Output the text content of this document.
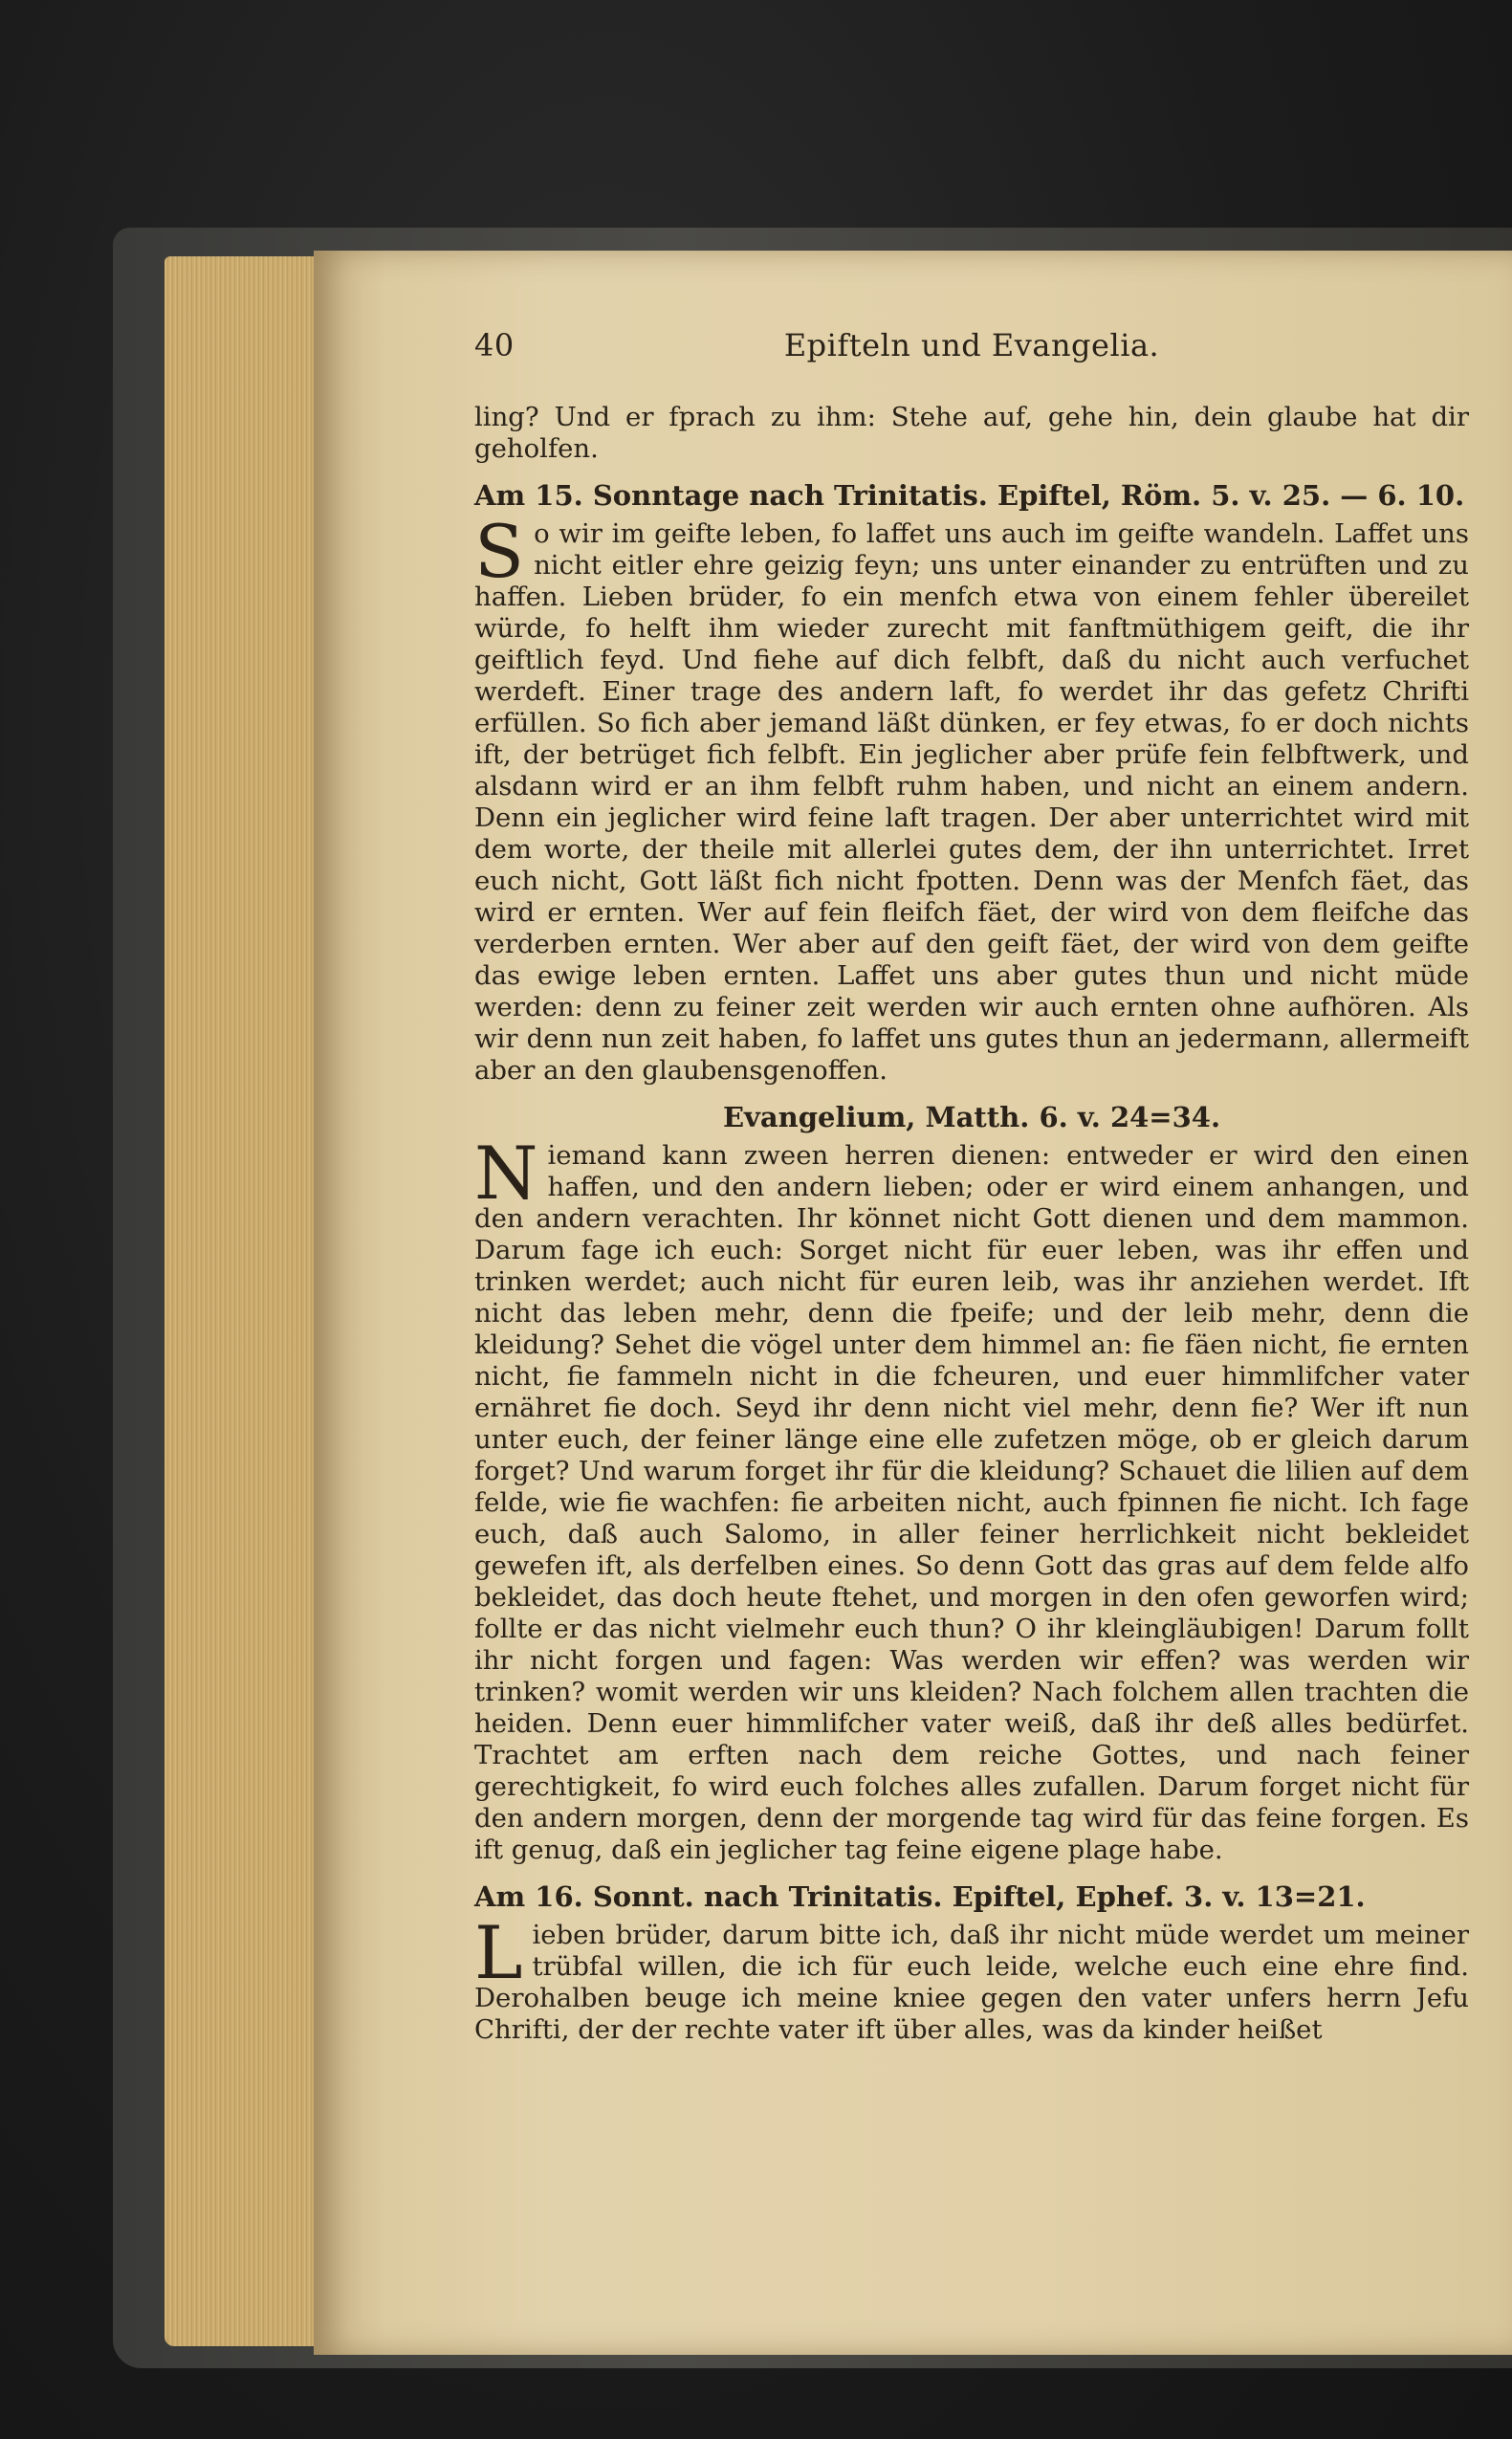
40	Epifteln und Evangelia.

ling? Und er fprach zu ihm: Stehe auf, gehe hin, dein glaube hat dir geholfen.

Am 15. Sonntage nach Trinitatis. Epiftel, Röm. 5. v. 25. — 6. 10.

So wir im geifte leben, fo laffet uns auch im geifte wandeln. Laffet uns nicht eitler ehre geizig feyn; uns unter einander zu entrüften und zu haffen. Lieben brüder, fo ein menfch etwa von einem fehler übereilet würde, fo helft ihm wieder zurecht mit fanftmüthigem geift, die ihr geiftlich feyd. Und fiehe auf dich felbft, daß du nicht auch verfuchet werdeft. Einer trage des andern laft, fo werdet ihr das gefetz Chrifti erfüllen. So fich aber jemand läßt dünken, er fey etwas, fo er doch nichts ift, der betrüget fich felbft. Ein jeglicher aber prüfe fein felbftwerk, und alsdann wird er an ihm felbft ruhm haben, und nicht an einem andern. Denn ein jeglicher wird feine laft tragen. Der aber unterrichtet wird mit dem worte, der theile mit allerlei gutes dem, der ihn unterrichtet. Irret euch nicht, Gott läßt fich nicht fpotten. Denn was der Menfch fäet, das wird er ernten. Wer auf fein fleifch fäet, der wird von dem fleifche das verderben ernten. Wer aber auf den geift fäet, der wird von dem geifte das ewige leben ernten. Laffet uns aber gutes thun und nicht müde werden: denn zu feiner zeit werden wir auch ernten ohne aufhören. Als wir denn nun zeit haben, fo laffet uns gutes thun an jedermann, allermeift aber an den glaubensgenoffen.

Evangelium, Matth. 6. v. 24=34.

Niemand kann zween herren dienen: entweder er wird den einen haffen, und den andern lieben; oder er wird einem anhangen, und den andern verachten. Ihr könnet nicht Gott dienen und dem mammon. Darum fage ich euch: Sorget nicht für euer leben, was ihr effen und trinken werdet; auch nicht für euren leib, was ihr anziehen werdet. Ift nicht das leben mehr, denn die fpeife; und der leib mehr, denn die kleidung? Sehet die vögel unter dem himmel an: fie fäen nicht, fie ernten nicht, fie fammeln nicht in die fcheuren, und euer himmlifcher vater ernähret fie doch. Seyd ihr denn nicht viel mehr, denn fie? Wer ift nun unter euch, der feiner länge eine elle zufetzen möge, ob er gleich darum forget? Und warum forget ihr für die kleidung? Schauet die lilien auf dem felde, wie fie wachfen: fie arbeiten nicht, auch fpinnen fie nicht. Ich fage euch, daß auch Salomo, in aller feiner herrlichkeit nicht bekleidet gewefen ift, als derfelben eines. So denn Gott das gras auf dem felde alfo bekleidet, das doch heute ftehet, und morgen in den ofen geworfen wird; follte er das nicht vielmehr euch thun? O ihr kleingläubigen! Darum follt ihr nicht forgen und fagen: Was werden wir effen? was werden wir trinken? womit werden wir uns kleiden? Nach folchem allen trachten die heiden. Denn euer himmlifcher vater weiß, daß ihr deß alles bedürfet. Trachtet am erften nach dem reiche Gottes, und nach feiner gerechtigkeit, fo wird euch folches alles zufallen. Darum forget nicht für den andern morgen, denn der morgende tag wird für das feine forgen. Es ift genug, daß ein jeglicher tag feine eigene plage habe.

Am 16. Sonnt. nach Trinitatis. Epiftel, Ephef. 3. v. 13=21.

Lieben brüder, darum bitte ich, daß ihr nicht müde werdet um meiner trübfal willen, die ich für euch leide, welche euch eine ehre find. Derohalben beuge ich meine kniee gegen den vater unfers herrn Jefu Chrifti, der der rechte vater ift über alles, was da kinder heißet
